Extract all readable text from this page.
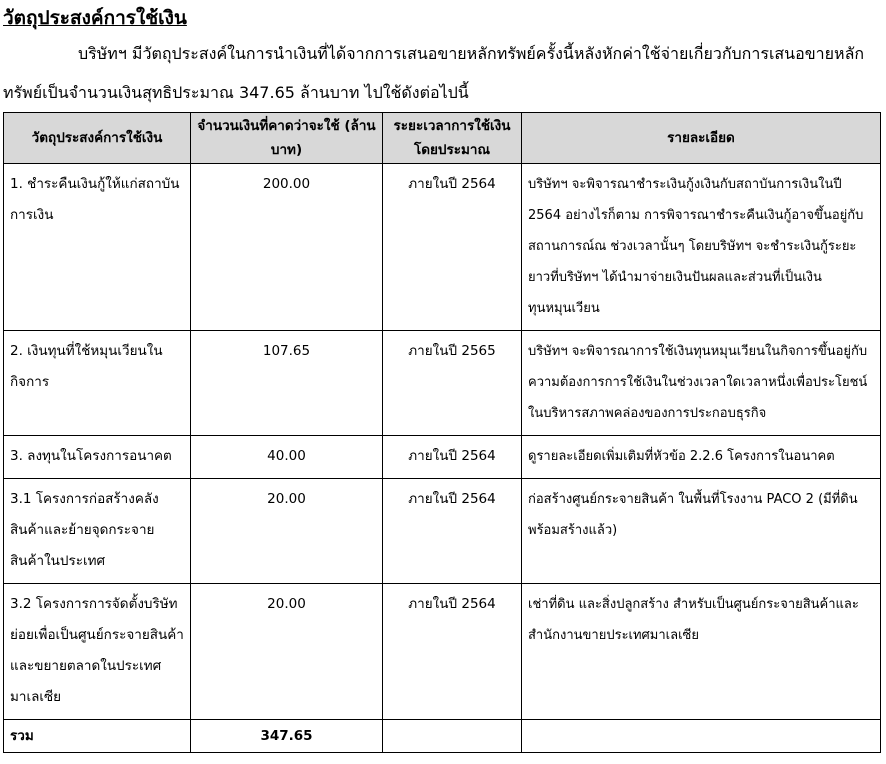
วัตถุประสงค์การใช้เงิน
บริษัทฯ มีวัตถุประสงค์ในการนำเงินที่ได้จากการเสนอขายหลักทรัพย์ครั้งนี้หลังหักค่าใช้จ่ายเกี่ยวกับการเสนอขายหลักทรัพย์เป็นจำนวนเงินสุทธิประมาณ 347.65 ล้านบาท ไปใช้ดังต่อไปนี้
วัตถุประสงค์การใช้เงิน	จำนวนเงินที่คาดว่าจะใช้ (ล้านบาท)	ระยะเวลาการใช้เงินโดยประมาณ	รายละเอียด
1. ชำระคืนเงินกู้ให้แก่สถาบันการเงิน	200.00	ภายในปี 2564	บริษัทฯ จะพิจารณาชำระเงินกู้งเงินกับสถาบันการเงินในปี 2564 อย่างไรก็ตาม การพิจารณาชำระคืนเงินกู้อาจขึ้นอยู่กับสถานการณ์ณ ช่วงเวลานั้นๆ โดยบริษัทฯ จะชำระเงินกู้ระยะยาวที่บริษัทฯ ได้นำมาจ่ายเงินปันผลและส่วนที่เป็นเงินทุนหมุนเวียน
2. เงินทุนที่ใช้หมุนเวียนในกิจการ	107.65	ภายในปี 2565	บริษัทฯ จะพิจารณาการใช้เงินทุนหมุนเวียนในกิจการขึ้นอยู่กับความต้องการการใช้เงินในช่วงเวลาใดเวลาหนึ่งเพื่อประโยชน์ในบริหารสภาพคล่องของการประกอบธุรกิจ
3. ลงทุนในโครงการอนาคต	40.00	ภายในปี 2564	ดูรายละเอียดเพิ่มเติมที่หัวข้อ 2.2.6 โครงการในอนาคต
3.1 โครงการก่อสร้างคลังสินค้าและย้ายจุดกระจายสินค้าในประเทศ	20.00	ภายในปี 2564	ก่อสร้างศูนย์กระจายสินค้า ในพื้นที่โรงงาน PACO 2 (มีที่ดินพร้อมสร้างแล้ว)
3.2 โครงการการจัดตั้งบริษัทย่อยเพื่อเป็นศูนย์กระจายสินค้าและขยายตลาดในประเทศมาเลเซีย	20.00	ภายในปี 2564	เช่าที่ดิน และสิ่งปลูกสร้าง สำหรับเป็นศูนย์กระจายสินค้าและสำนักงานขายประเทศมาเลเซีย
รวม	347.65		
